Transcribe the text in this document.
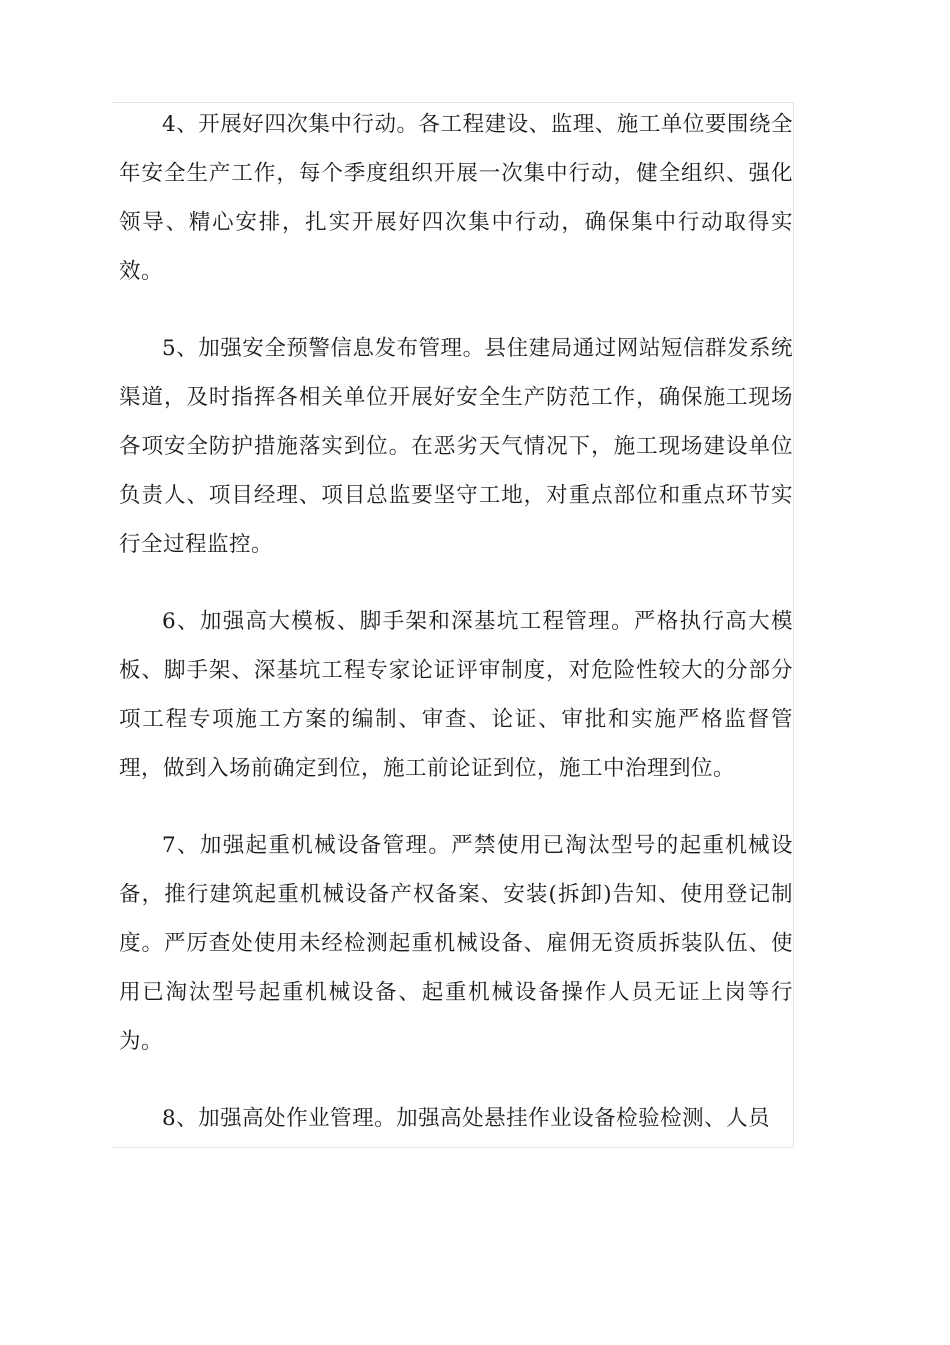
4、开展好四次集中行动。各工程建设、监理、施工单位要围绕全年安全生产工作，每个季度组织开展一次集中行动，健全组织、强化领导、精心安排，扎实开展好四次集中行动，确保集中行动取得实效。

5、加强安全预警信息发布管理。县住建局通过网站短信群发系统渠道，及时指挥各相关单位开展好安全生产防范工作，确保施工现场各项安全防护措施落实到位。在恶劣天气情况下，施工现场建设单位负责人、项目经理、项目总监要坚守工地，对重点部位和重点环节实行全过程监控。

6、加强高大模板、脚手架和深基坑工程管理。严格执行高大模板、脚手架、深基坑工程专家论证评审制度，对危险性较大的分部分项工程专项施工方案的编制、审查、论证、审批和实施严格监督管理，做到入场前确定到位，施工前论证到位，施工中治理到位。

7、加强起重机械设备管理。严禁使用已淘汰型号的起重机械设备，推行建筑起重机械设备产权备案、安装(拆卸)告知、使用登记制度。严厉查处使用未经检测起重机械设备、雇佣无资质拆装队伍、使用已淘汰型号起重机械设备、起重机械设备操作人员无证上岗等行为。

8、加强高处作业管理。加强高处悬挂作业设备检验检测、人员
